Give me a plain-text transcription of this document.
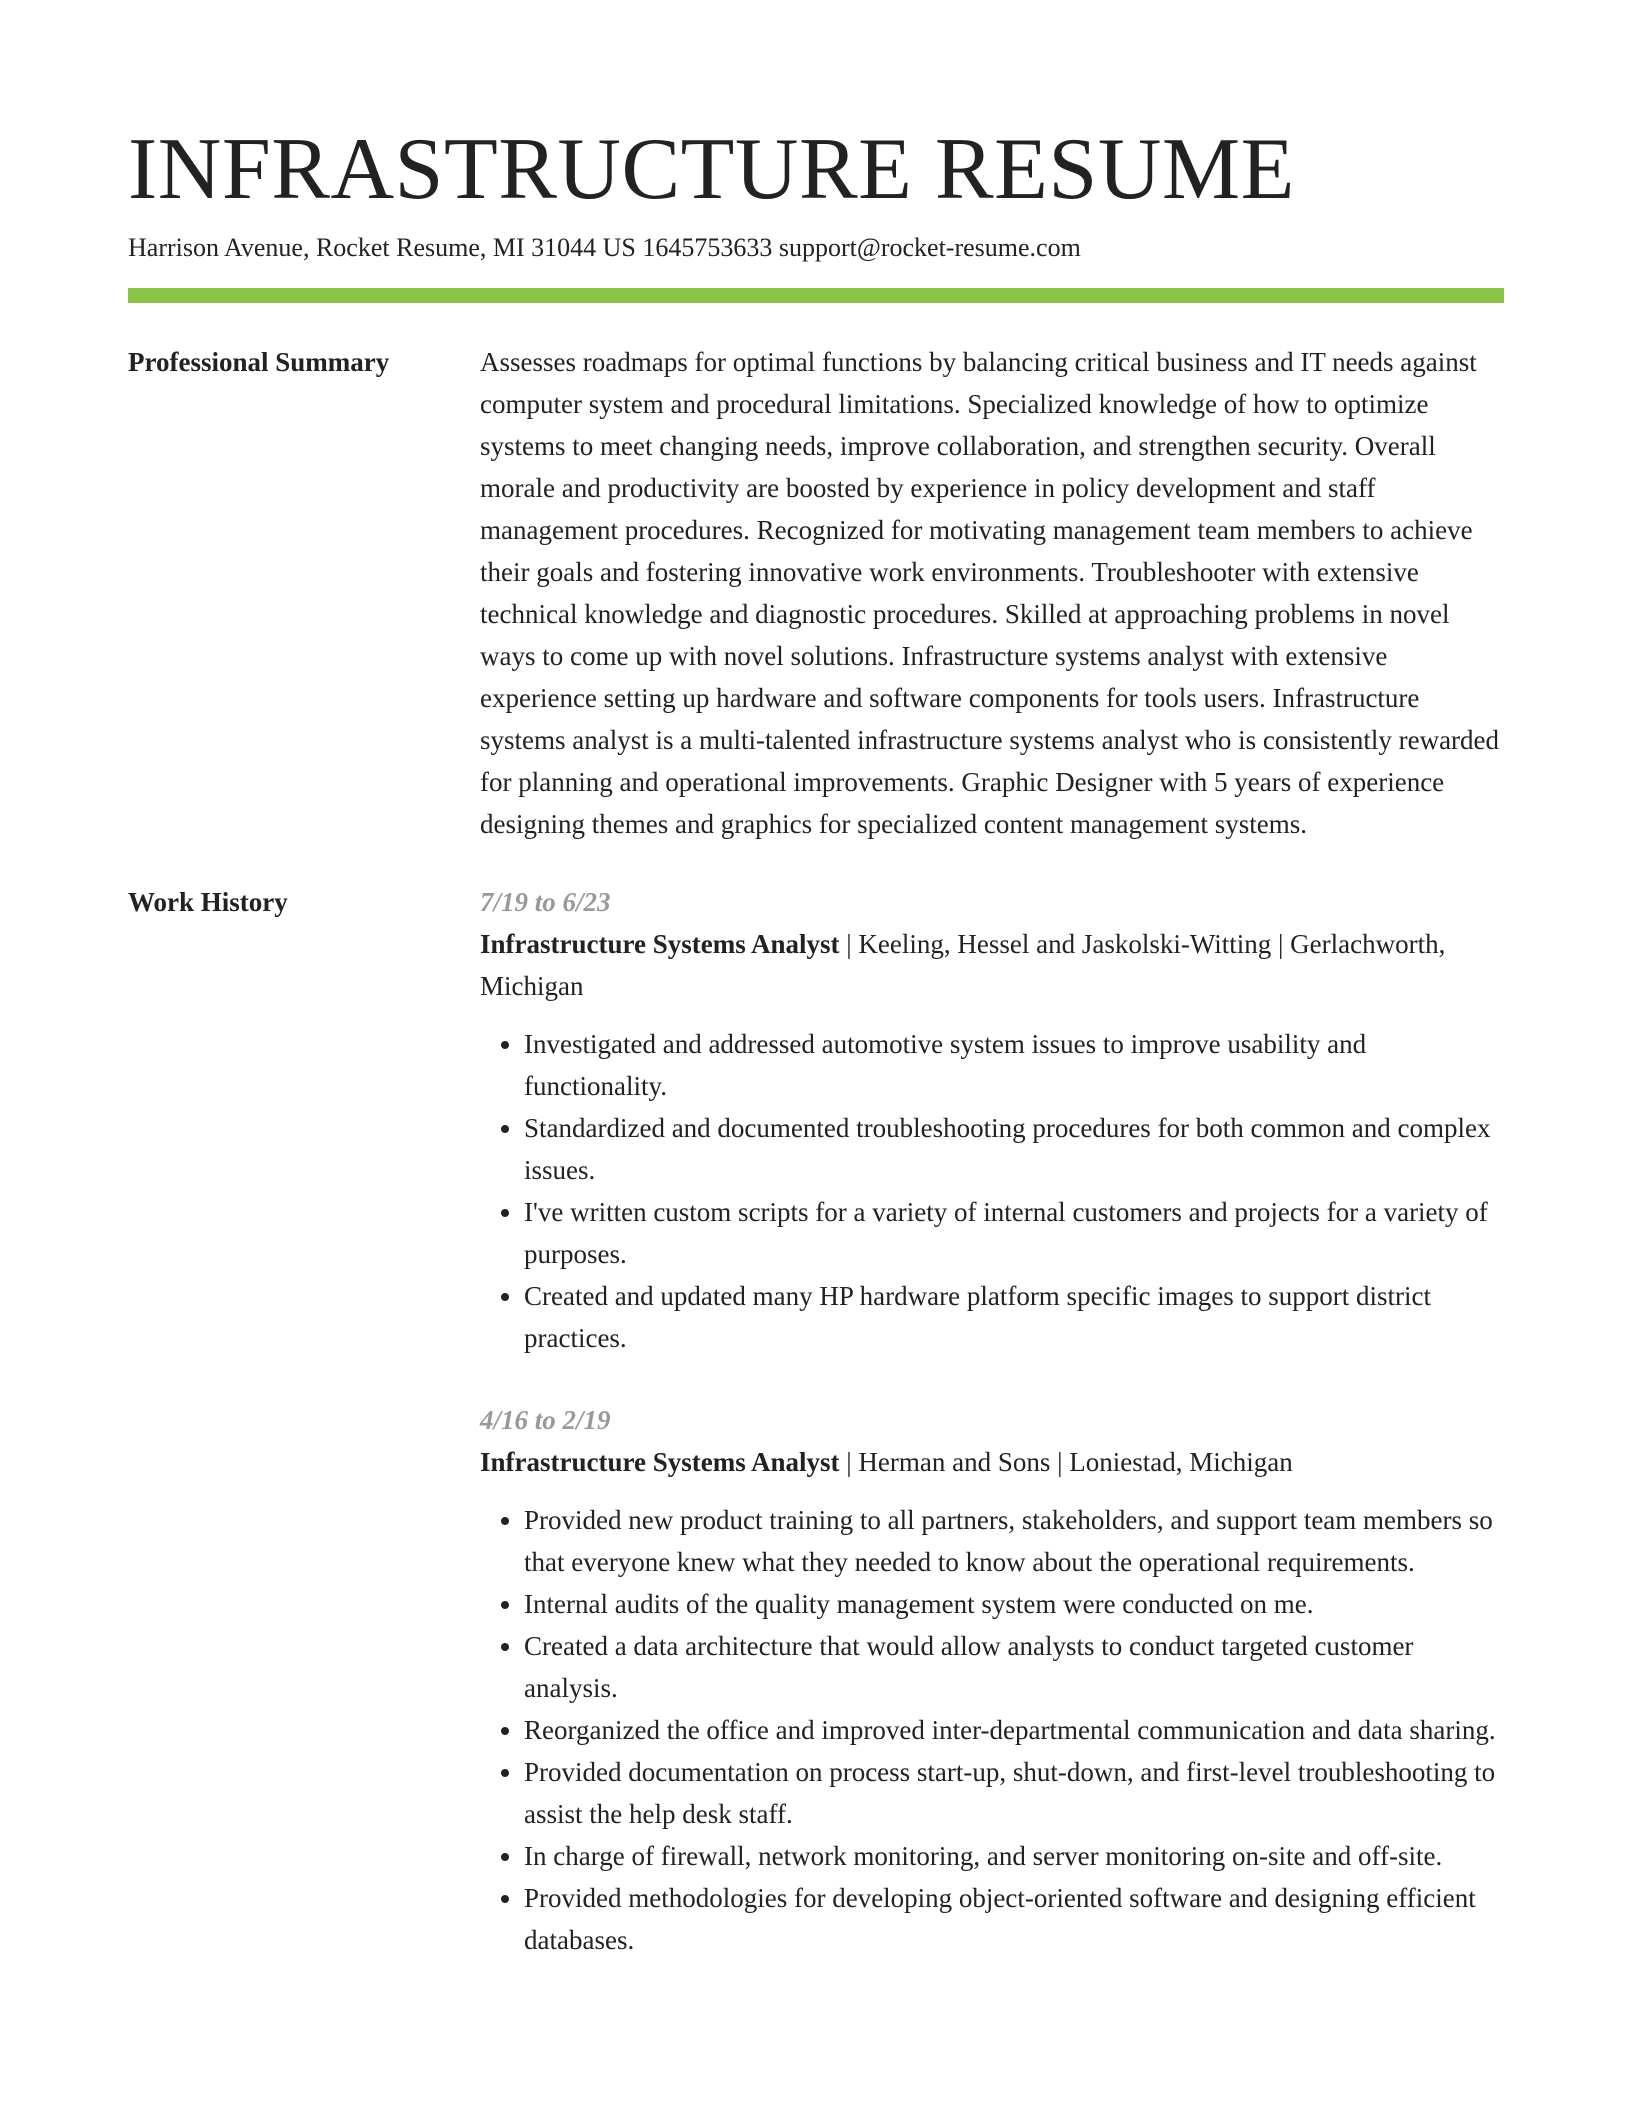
INFRASTRUCTURE RESUME
Harrison Avenue, Rocket Resume, MI 31044 US 1645753633 support@rocket-resume.com
Professional Summary	Assesses roadmaps for optimal functions by balancing critical business and IT needs against computer system and procedural limitations. Specialized knowledge of how to optimize systems to meet changing needs, improve collaboration, and strengthen security. Overall morale and productivity are boosted by experience in policy development and staff management procedures. Recognized for motivating management team members to achieve their goals and fostering innovative work environments. Troubleshooter with extensive technical knowledge and diagnostic procedures. Skilled at approaching problems in novel ways to come up with novel solutions. Infrastructure systems analyst with extensive experience setting up hardware and software components for tools users. Infrastructure systems analyst is a multi-talented infrastructure systems analyst who is consistently rewarded for planning and operational improvements. Graphic Designer with 5 years of experience designing themes and graphics for specialized content management systems.

Work History	7/19 to 6/23
Infrastructure Systems Analyst | Keeling, Hessel and Jaskolski-Witting | Gerlachworth, Michigan
• Investigated and addressed automotive system issues to improve usability and functionality.
• Standardized and documented troubleshooting procedures for both common and complex issues.
• I've written custom scripts for a variety of internal customers and projects for a variety of purposes.
• Created and updated many HP hardware platform specific images to support district practices.
4/16 to 2/19
Infrastructure Systems Analyst | Herman and Sons | Loniestad, Michigan
• Provided new product training to all partners, stakeholders, and support team members so that everyone knew what they needed to know about the operational requirements.
• Internal audits of the quality management system were conducted on me.
• Created a data architecture that would allow analysts to conduct targeted customer analysis.
• Reorganized the office and improved inter-departmental communication and data sharing.
• Provided documentation on process start-up, shut-down, and first-level troubleshooting to assist the help desk staff.
• In charge of firewall, network monitoring, and server monitoring on-site and off-site.
• Provided methodologies for developing object-oriented software and designing efficient databases.
